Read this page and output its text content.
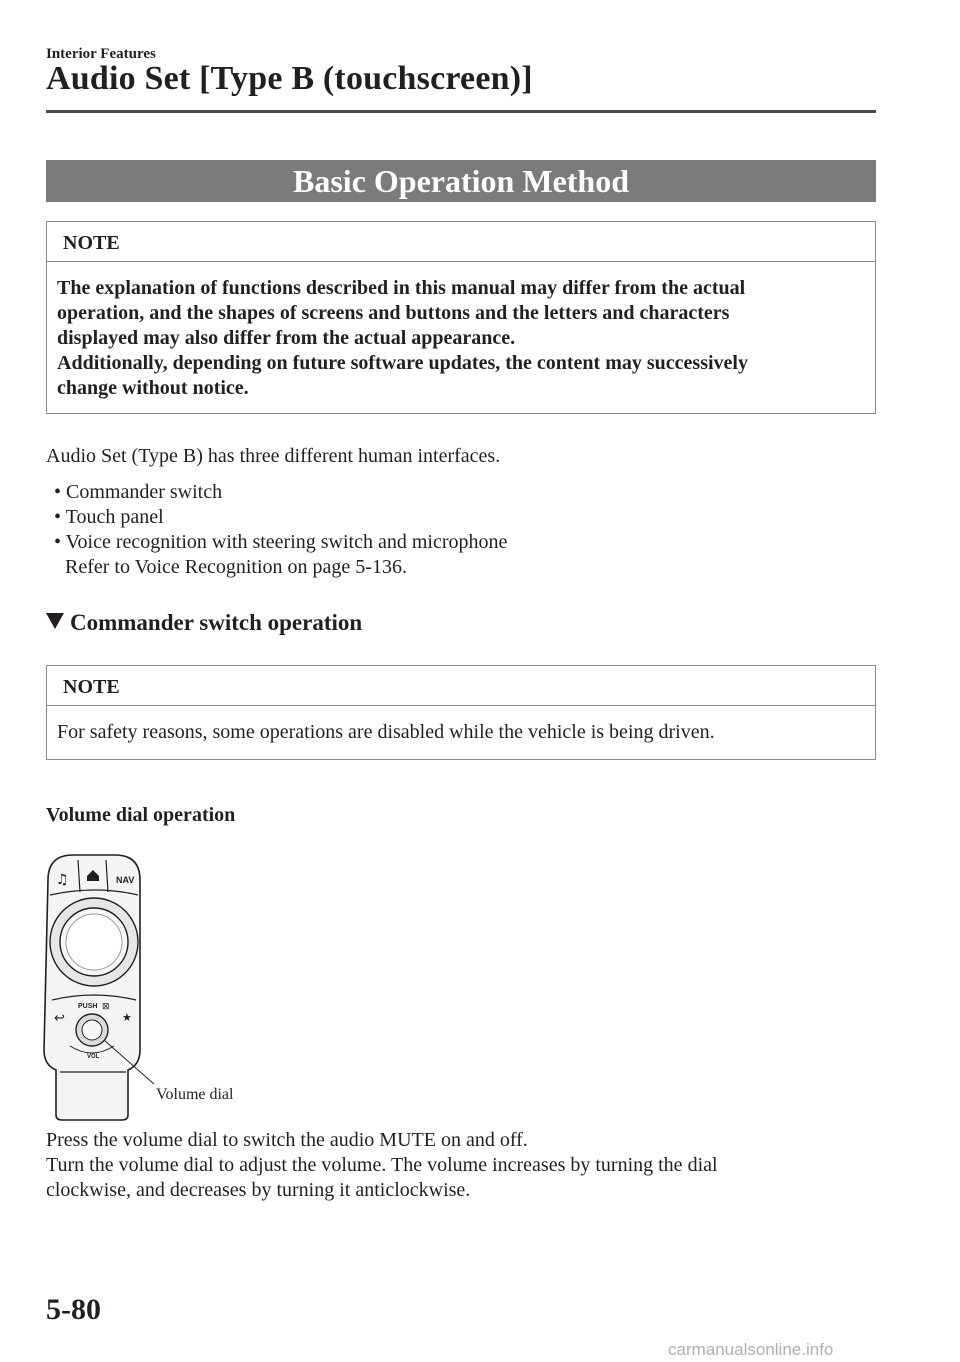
Interior Features
Audio Set [Type B (touchscreen)]
Basic Operation Method
NOTE

The explanation of functions described in this manual may differ from the actual

operation, and the shapes of screens and buttons and the letters and characters

displayed may also differ from the actual appearance.

Additionally, depending on future software updates, the content may successively

change without notice.

Audio Set (Type B) has three different human interfaces.
• Commander switch
• Touch panel
• Voice recognition with steering switch and microphone
Refer to Voice Recognition on page 5-136.
Commander switch operation
NOTE

For safety reasons, some operations are disabled while the vehicle is being driven.

Volume dial operation
♫	NAV
PUSH ⊠
↩	★
VOL
Volume dial
Press the volume dial to switch the audio MUTE on and off.
Turn the volume dial to adjust the volume. The volume increases by turning the dial
clockwise, and decreases by turning it anticlockwise.
5-80
carmanualsonline.info
